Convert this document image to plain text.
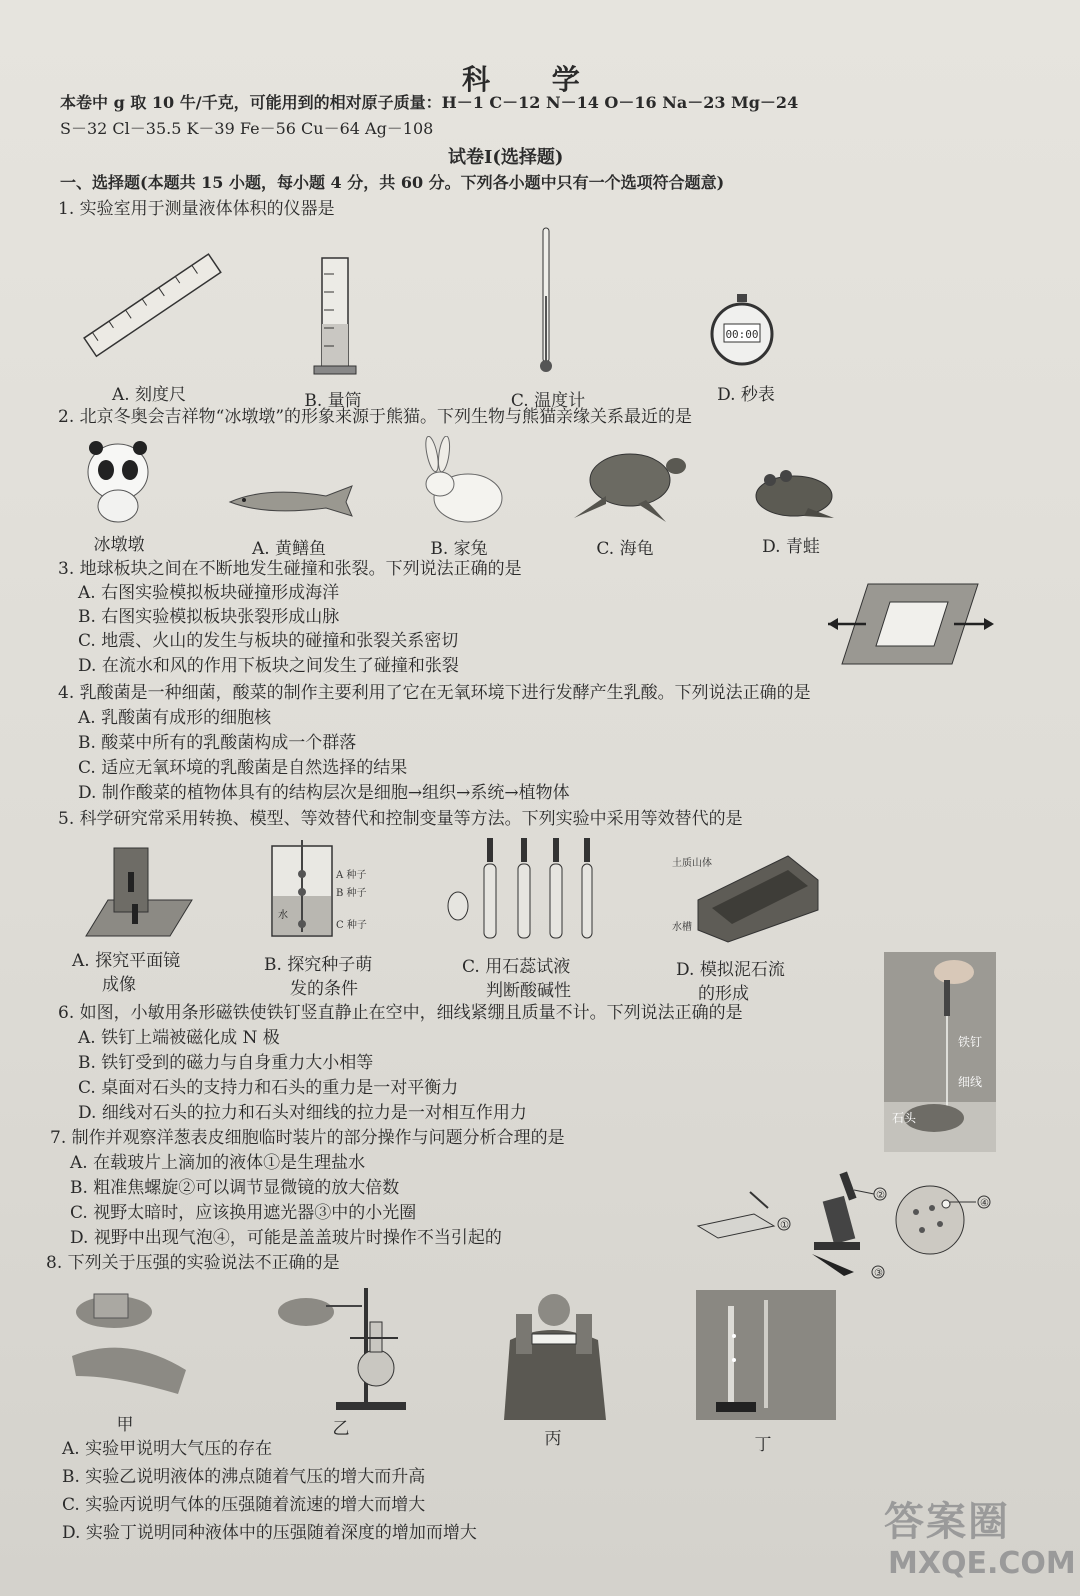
科 学
本卷中 g 取 10 牛/千克，可能用到的相对原子质量：H－1 C－12 N－14 O－16 Na－23 Mg－24
S－32 Cl－35.5 K－39 Fe－56 Cu－64 Ag－108
试卷Ⅰ(选择题)
一、选择题(本题共 15 小题，每小题 4 分，共 60 分。下列各小题中只有一个选项符合题意)
1. 实验室用于测量液体体积的仪器是
00:00
A. 刻度尺	B. 量筒	C. 温度计	D. 秒表
2. 北京冬奥会吉祥物“冰墩墩”的形象来源于熊猫。下列生物与熊猫亲缘关系最近的是
冰墩墩	A. 黄鳝鱼	B. 家兔	C. 海龟	D. 青蛙
3. 地球板块之间在不断地发生碰撞和张裂。下列说法正确的是
A. 右图实验模拟板块碰撞形成海洋
B. 右图实验模拟板块张裂形成山脉
C. 地震、火山的发生与板块的碰撞和张裂关系密切
D. 在流水和风的作用下板块之间发生了碰撞和张裂
4. 乳酸菌是一种细菌，酸菜的制作主要利用了它在无氧环境下进行发酵产生乳酸。下列说法正确的是
A. 乳酸菌有成形的细胞核
B. 酸菜中所有的乳酸菌构成一个群落
C. 适应无氧环境的乳酸菌是自然选择的结果
D. 制作酸菜的植物体具有的结构层次是细胞→组织→系统→植物体
5. 科学研究常采用转换、模型、等效替代和控制变量等方法。下列实验中采用等效替代的是
A 种子
B 种子
C 种子
水
土质山体
水槽
A. 探究平面镜
成像
B. 探究种子萌
发的条件
C. 用石蕊试液
判断酸碱性
D. 模拟泥石流
的形成
6. 如图，小敏用条形磁铁使铁钉竖直静止在空中，细线紧绷且质量不计。下列说法正确的是
A. 铁钉上端被磁化成 N 极
B. 铁钉受到的磁力与自身重力大小相等
C. 桌面对石头的支持力和石头的重力是一对平衡力
D. 细线对石头的拉力和石头对细线的拉力是一对相互作用力
铁钉
细线
石头
7. 制作并观察洋葱表皮细胞临时装片的部分操作与问题分析合理的是
A. 在载玻片上滴加的液体①是生理盐水
B. 粗准焦螺旋②可以调节显微镜的放大倍数
C. 视野太暗时，应该换用遮光器③中的小光圈
D. 视野中出现气泡④，可能是盖盖玻片时操作不当引起的
①
②
③
④
8. 下列关于压强的实验说法不正确的是
甲	乙	丙	丁
A. 实验甲说明大气压的存在
B. 实验乙说明液体的沸点随着气压的增大而升高
C. 实验丙说明气体的压强随着流速的增大而增大
D. 实验丁说明同种液体中的压强随着深度的增加而增大	答案圈
MXQE.COM
